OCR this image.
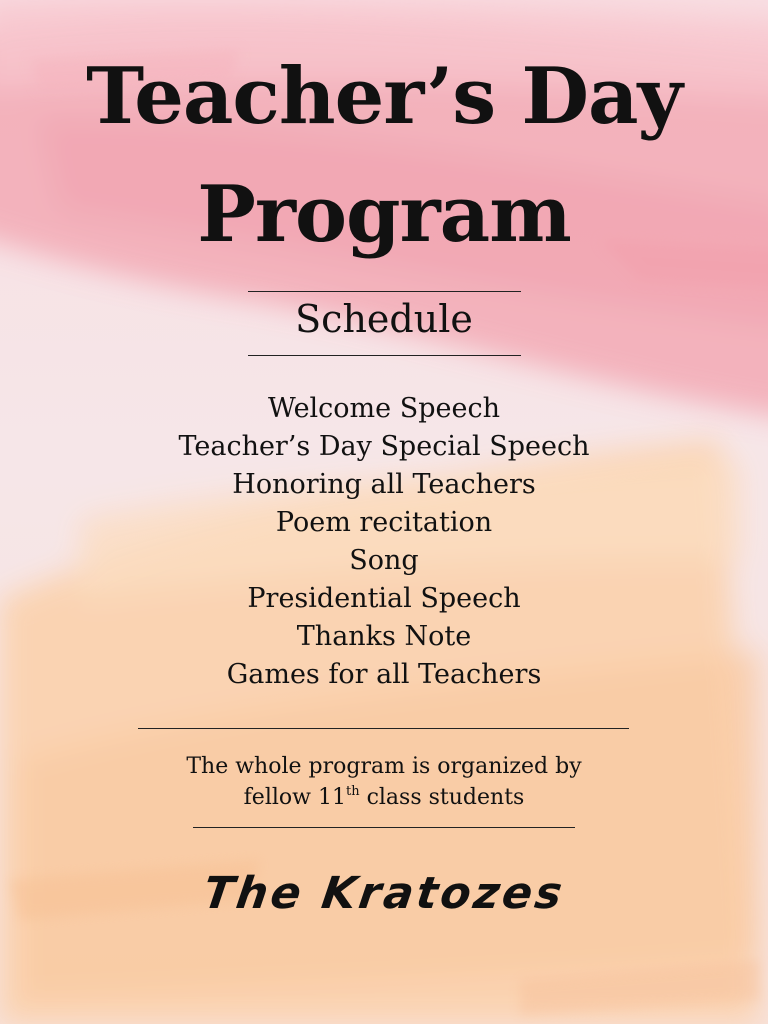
Teacher’s Day
Program
Schedule
Welcome Speech
Teacher’s Day Special Speech
Honoring all Teachers
Poem recitation
Song
Presidential Speech
Thanks Note
Games for all Teachers
The whole program is organized by
fellow 11th class students
The Kratozes
